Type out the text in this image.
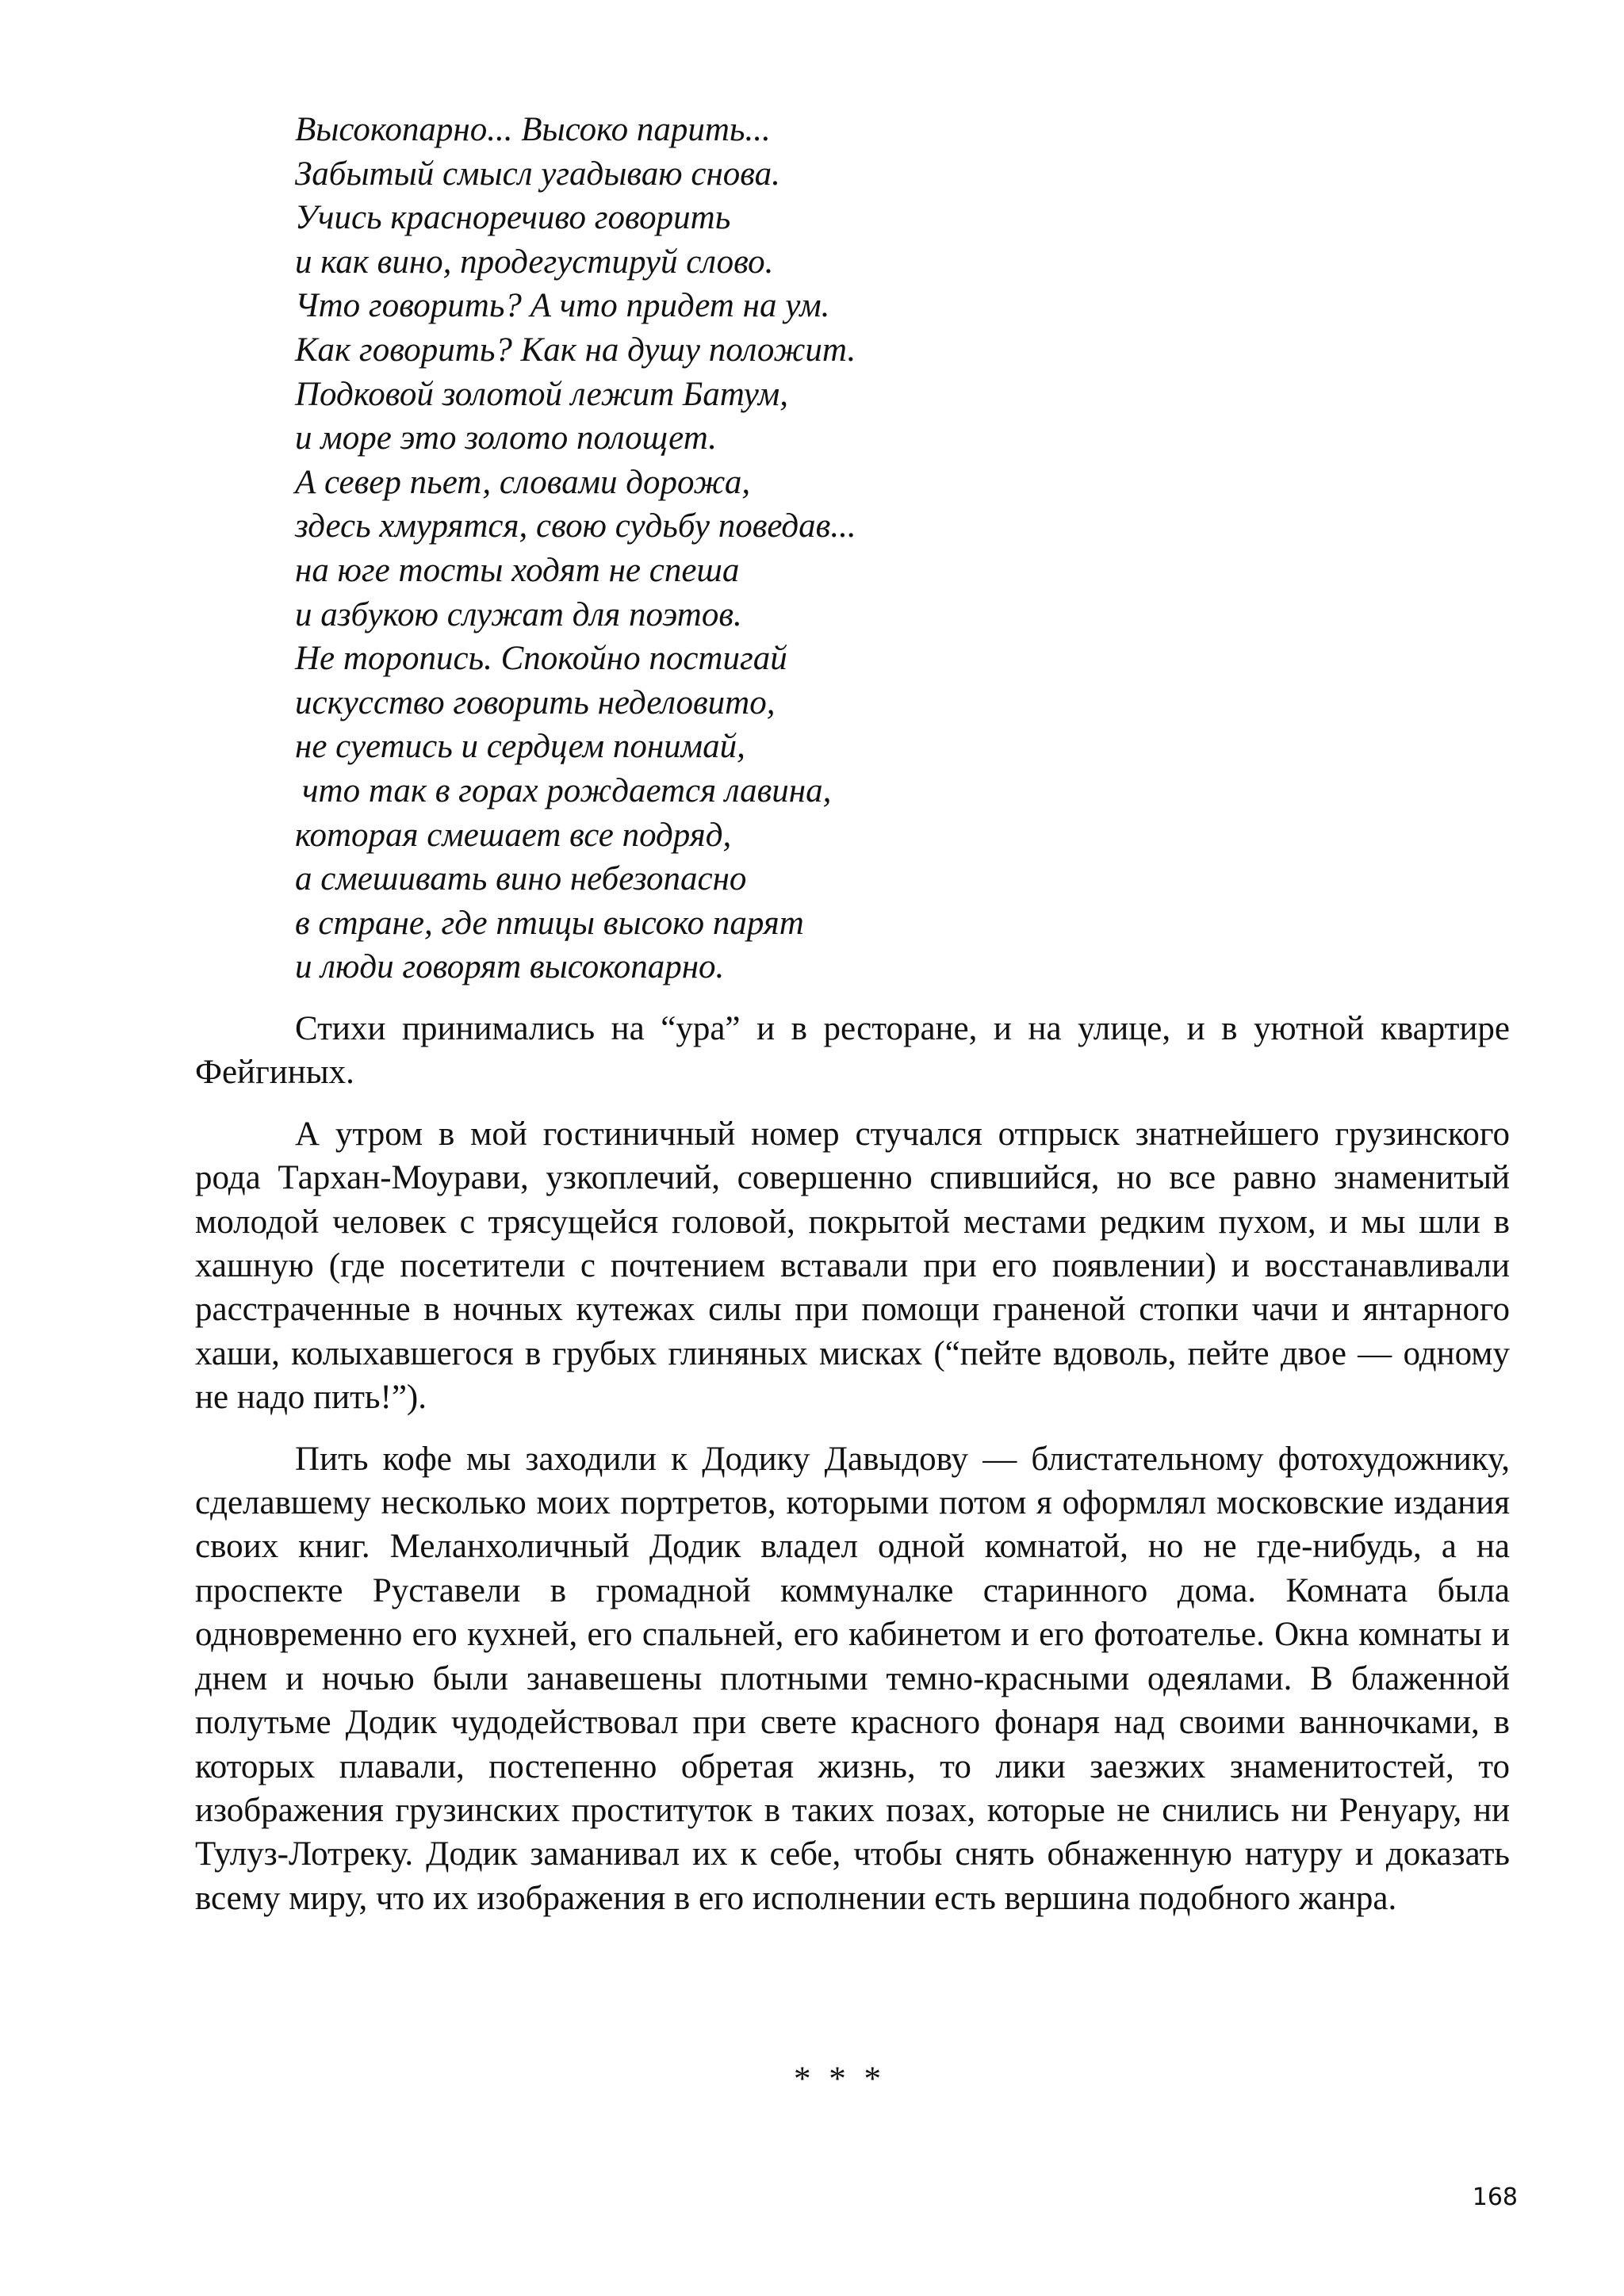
Высокопарно... Высоко парить...
Забытый смысл угадываю снова.
Учись красноречиво говорить
и как вино, продегустируй слово.
Что говорить? А что придет на ум.
Как говорить? Как на душу положит.
Подковой золотой лежит Батум,
и море это золото полощет.
А север пьет, словами дорожа,
здесь хмурятся, свою судьбу поведав...
на юге тосты ходят не спеша
и азбукою служат для поэтов.
Не торопись. Спокойно постигай
искусство говорить неделовито,
не суетись и сердцем понимай,
что так в горах рождается лавина,
которая смешает все подряд,
а смешивать вино небезопасно
в стране, где птицы высоко парят
и люди говорят высокопарно.

Стихи принимались на “ура” и в ресторане, и на улице, и в уютной квартире Фейгиных.

А утром в мой гостиничный номер стучался отпрыск знатнейшего грузинского рода Тархан-Моурави, узкоплечий, совершенно спившийся, но все равно знаменитый молодой человек с трясущейся головой, покрытой местами редким пухом, и мы шли в хашную (где посетители с почтением вставали при его появлении) и восстанавливали расстраченные в ночных кутежах силы при помощи граненой стопки чачи и янтарного хаши, колыхавшегося в грубых глиняных мисках (“пейте вдоволь, пейте двое — одному не надо пить!”).

Пить кофе мы заходили к Додику Давыдову — блистательному фотохудожнику, сделавшему несколько моих портретов, которыми потом я оформлял московские издания своих книг. Меланхоличный Додик владел одной комнатой, но не где-нибудь, а на проспекте Руставели в громадной коммуналке старинного дома. Комната была одновременно его кухней, его спальней, его кабинетом и его фотоателье. Окна комнаты и днем и ночью были занавешены плотными темно-красными одеялами. В блаженной полутьме Додик чудодействовал при свете красного фонаря над своими ванночками, в которых плавали, постепенно обретая жизнь, то лики заезжих знаменитостей, то изображения грузинских проституток в таких позах, которые не снились ни Ренуару, ни Тулуз-Лотреку. Додик заманивал их к себе, чтобы снять обнаженную натуру и доказать всему миру, что их изображения в его исполнении есть вершина подобного жанра.

* * *
168
